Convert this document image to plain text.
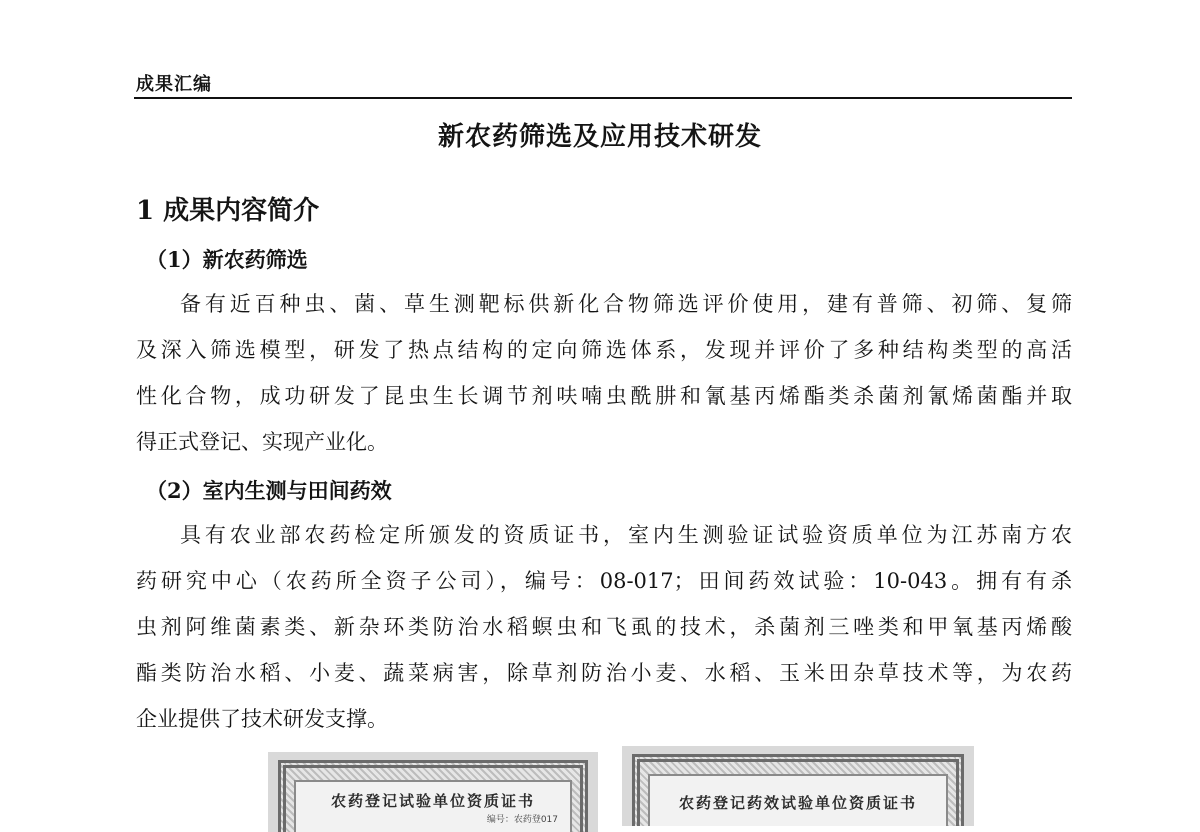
成果汇编
新农药筛选及应用技术研发
1 成果内容简介
（1）新农药筛选
备有近百种虫、菌、草生测靶标供新化合物筛选评价使用，建有普筛、初筛、复筛
及深入筛选模型，研发了热点结构的定向筛选体系，发现并评价了多种结构类型的高活
性化合物，成功研发了昆虫生长调节剂呋喃虫酰肼和氰基丙烯酯类杀菌剂氰烯菌酯并取
得正式登记、实现产业化。
（2）室内生测与田间药效
具有农业部农药检定所颁发的资质证书，室内生测验证试验资质单位为江苏南方农
药研究中心（农药所全资子公司），编号：08-017；田间药效试验：10-043。拥有有杀
虫剂阿维菌素类、新杂环类防治水稻螟虫和飞虱的技术，杀菌剂三唑类和甲氧基丙烯酸
酯类防治水稻、小麦、蔬菜病害，除草剂防治小麦、水稻、玉米田杂草技术等，为农药
企业提供了技术研发支撑。
农药登记试验单位资质证书
编号：农药登017
农药登记药效试验单位资质证书
